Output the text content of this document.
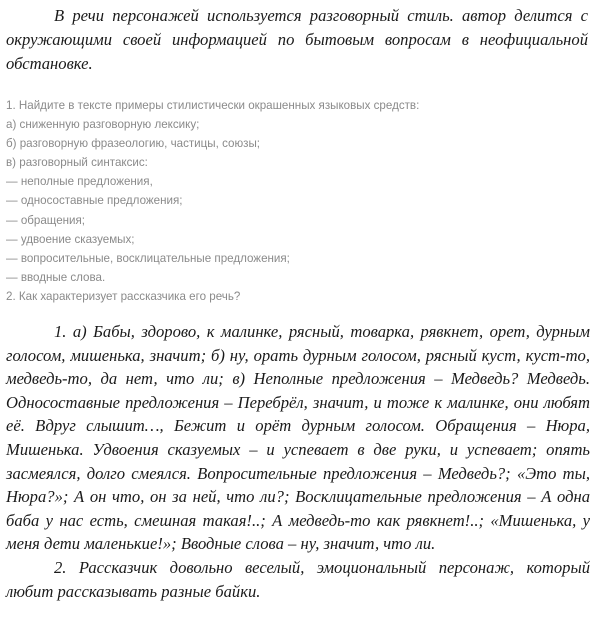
В речи персонажей используется разговорный стиль. автор делится с окружающими своей информацией по бытовым вопросам в неофициальной обстановке.

1. Найдите в тексте примеры стилистически окрашенных языковых средств:

а) сниженную разговорную лексику;

б) разговорную фразеологию, частицы, союзы;

в) разговорный синтаксис:

— неполные предложения,

— односоставные предложения;

— обращения;

— удвоение сказуемых;

— вопросительные, восклицательные предложения;

— вводные слова.

2. Как характеризует рассказчика его речь?

1. а) Бабы, здорово, к малинке, рясный, товарка, рявкнет, орет, дурным голосом, мишенька, значит; б) ну, орать дурным голосом, рясный куст, куст-то, медведь-то, да нет, что ли; в) Неполные предложения – Медведь? Медведь. Односоставные предложения – Перебрёл, значит, и тоже к малинке, они любят её. Вдруг слышит…, Бежит и орёт дурным голосом. Обращения – Нюра, Мишенька. Удвоения сказуемых – и успевает в две руки, и успевает; опять засмеялся, долго смеялся. Вопросительные предложения – Медведь?; «Это ты, Нюра?»; А он что, он за ней, что ли?; Восклицательные предложения – А одна баба у нас есть, смешная такая!..; А медведь-то как рявкнет!..; «Мишенька, у меня дети маленькие!»; Вводные слова – ну, значит, что ли.

2. Рассказчик довольно веселый, эмоциональный персонаж, который любит рассказывать разные байки.
